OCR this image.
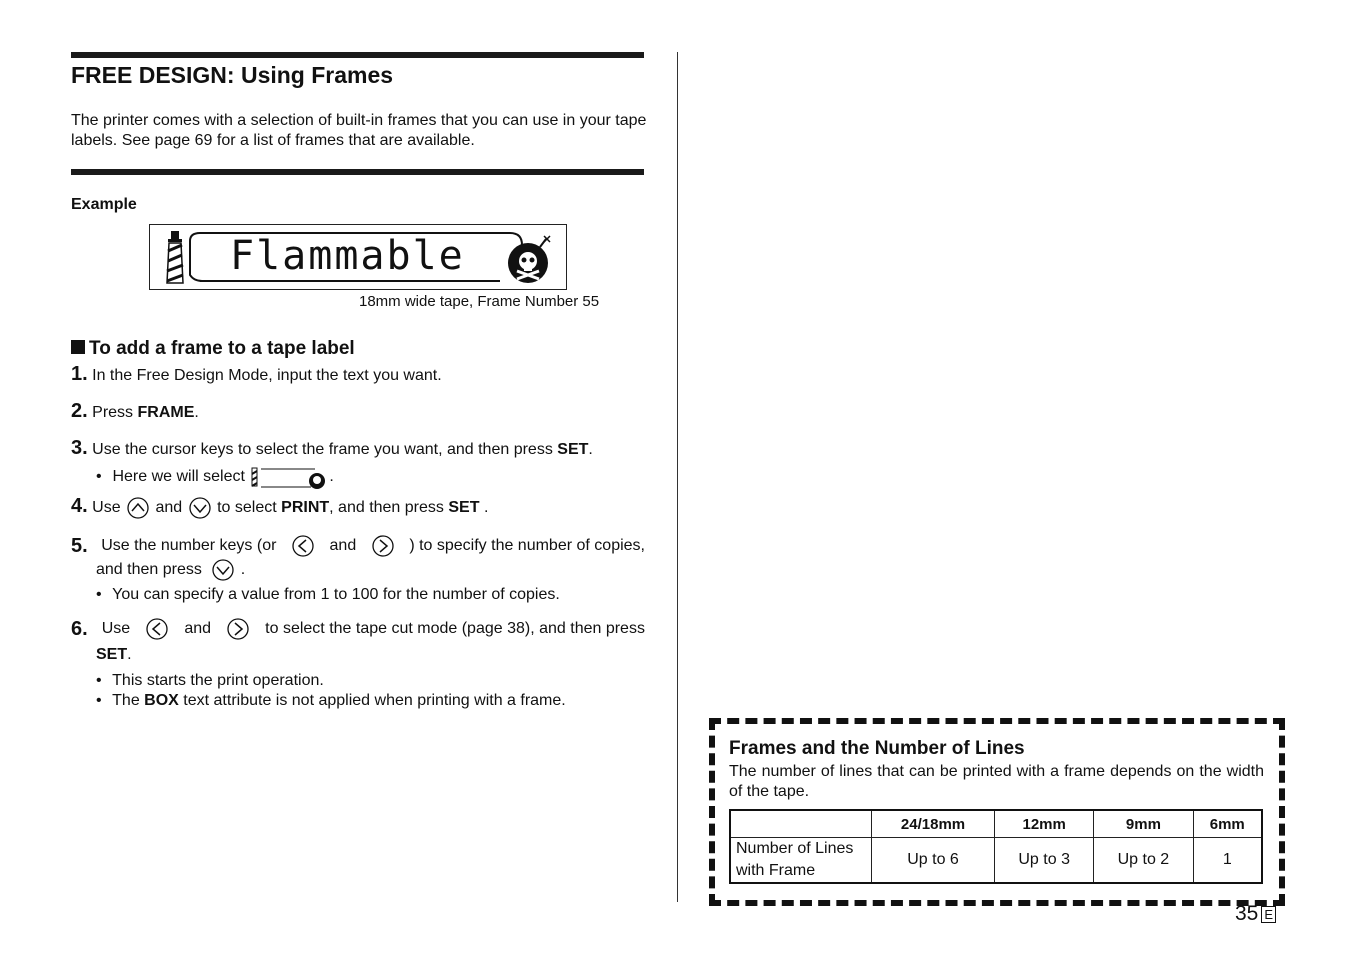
FREE DESIGN: Using Frames
The printer comes with a selection of built-in frames that you can use in your tape labels. See page 69 for a list of frames that are available.
Example
Flammable
18mm wide tape, Frame Number 55
To add a frame to a tape label
1. In the Free Design Mode, input the text you want.
2. Press FRAME.
3. Use the cursor keys to select the frame you want, and then press SET.
• Here we will select	.
4. Use and to select PRINT, and then press SET .
5. Use the number keys (or	and	) to specify the number of copies,
and then press .
• You can specify a value from 1 to 100 for the number of copies.
6. Use	and	to select the tape cut mode (page 38), and then press
SET.
• This starts the print operation.
• The BOX text attribute is not applied when printing with a frame.
Frames and the Number of Lines
The number of lines that can be printed with a frame depends on the width of the tape.
	24/18mm	12mm	9mm	6mm

Number of Lines
with Frame	Up to 6	Up to 3	Up to 2	1
35 E
